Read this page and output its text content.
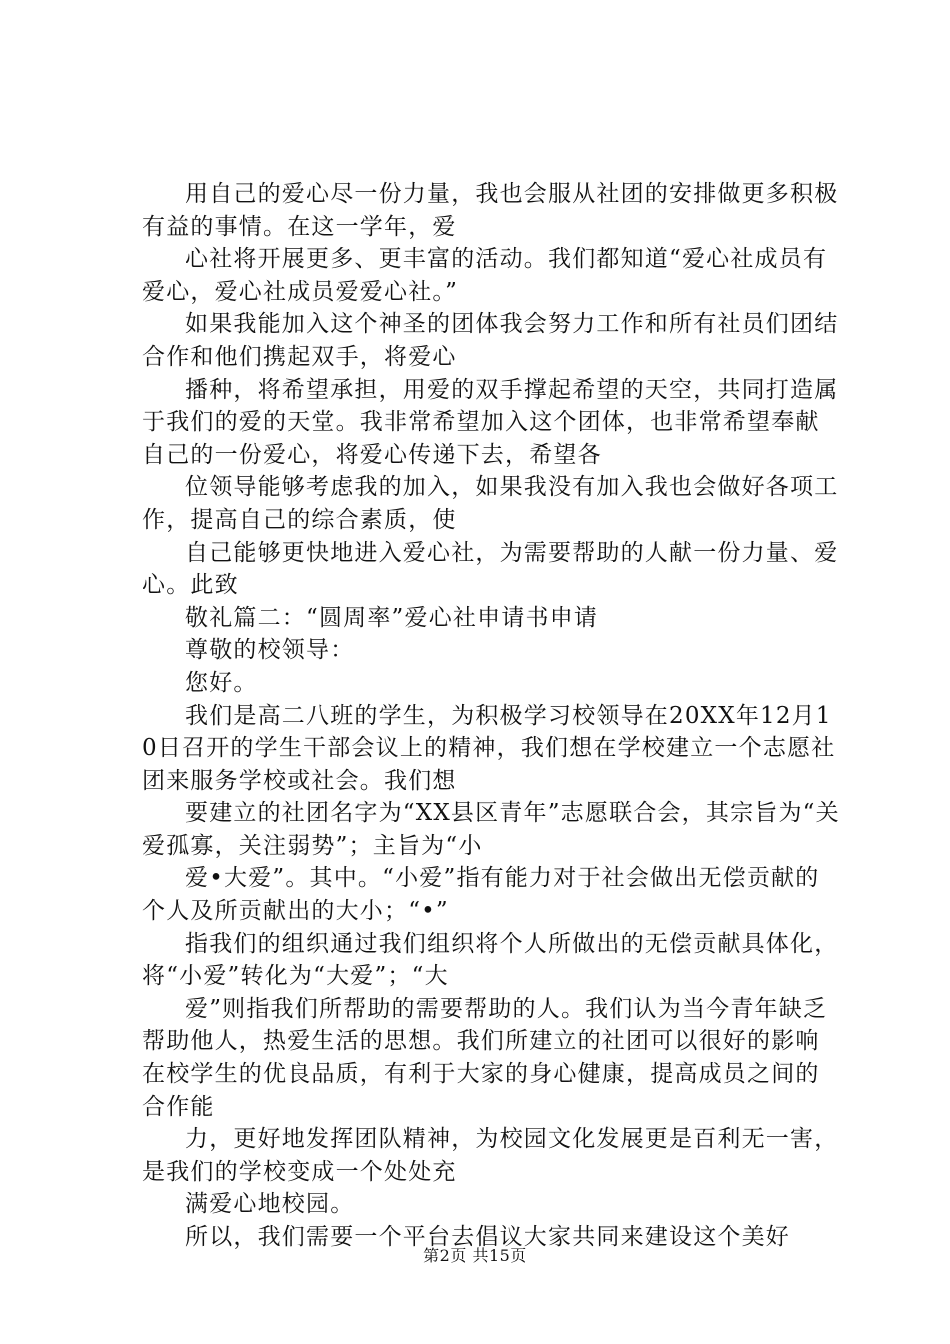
用自己的爱心尽一份力量，我也会服从社团的安排做更多积极有益的事情。在这一学年，爱

心社将开展更多、更丰富的活动。我们都知道“爱心社成员有爱心，爱心社成员爱爱心社。”

如果我能加入这个神圣的团体我会努力工作和所有社员们团结合作和他们携起双手，将爱心

播种，将希望承担，用爱的双手撑起希望的天空，共同打造属于我们的爱的天堂。我非常希望加入这个团体，也非常希望奉献自己的一份爱心，将爱心传递下去，希望各

位领导能够考虑我的加入，如果我没有加入我也会做好各项工作，提高自己的综合素质，使

自己能够更快地进入爱心社，为需要帮助的人献一份力量、爱心。此致

敬礼篇二：“圆周率”爱心社申请书申请

尊敬的校领导：

您好。

我们是高二八班的学生，为积极学习校领导在20XX年12月10日召开的学生干部会议上的精神，我们想在学校建立一个志愿社团来服务学校或社会。我们想

要建立的社团名字为“XX县区青年”志愿联合会，其宗旨为“关爱孤寡，关注弱势”；主旨为“小

爱•大爱”。其中。“小爱”指有能力对于社会做出无偿贡献的个人及所贡献出的大小；“•”

指我们的组织通过我们组织将个人所做出的无偿贡献具体化，将“小爱”转化为“大爱”；“大

爱”则指我们所帮助的需要帮助的人。我们认为当今青年缺乏帮助他人，热爱生活的思想。我们所建立的社团可以很好的影响在校学生的优良品质，有利于大家的身心健康，提高成员之间的合作能

力，更好地发挥团队精神，为校园文化发展更是百利无一害，是我们的学校变成一个处处充

满爱心地校园。

所以，我们需要一个平台去倡议大家共同来建设这个美好

第2页 共15页
